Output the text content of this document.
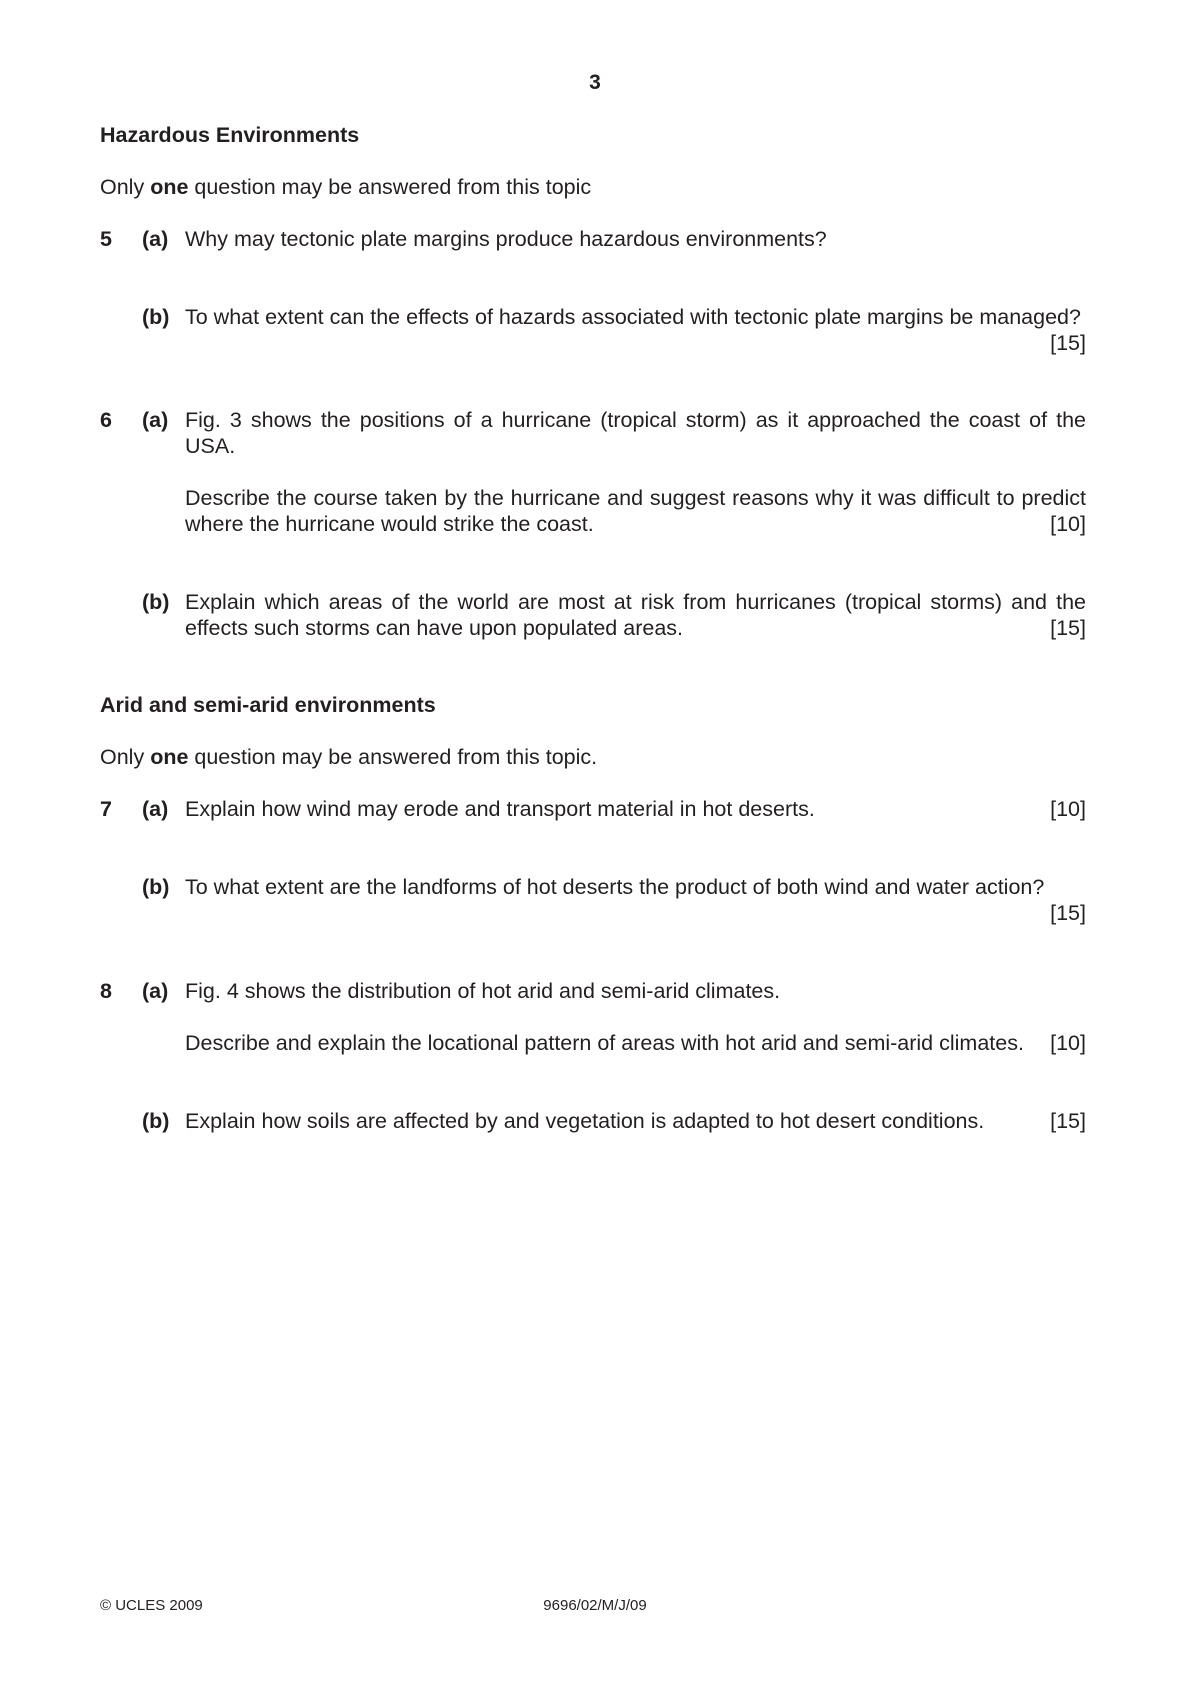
3
Hazardous Environments
Only one question may be answered from this topic
5 (a) Why may tectonic plate margins produce hazardous environments?
(b) To what extent can the effects of hazards associated with tectonic plate margins be managed?
[15]
6 (a) Fig. 3 shows the positions of a hurricane (tropical storm) as it approached the coast of the USA.
Describe the course taken by the hurricane and suggest reasons why it was difficult to predict
where the hurricane would strike the coast.	[10]
(b) Explain which areas of the world are most at risk from hurricanes (tropical storms) and the
effects such storms can have upon populated areas.	[15]
Arid and semi-arid environments
Only one question may be answered from this topic.
7 (a) Explain how wind may erode and transport material in hot deserts.	[10]
(b) To what extent are the landforms of hot deserts the product of both wind and water action?
[15]
8 (a) Fig. 4 shows the distribution of hot arid and semi-arid climates.
Describe and explain the locational pattern of areas with hot arid and semi-arid climates.	[10]
(b) Explain how soils are affected by and vegetation is adapted to hot desert conditions.	[15]
© UCLES 2009	9696/02/M/J/09
